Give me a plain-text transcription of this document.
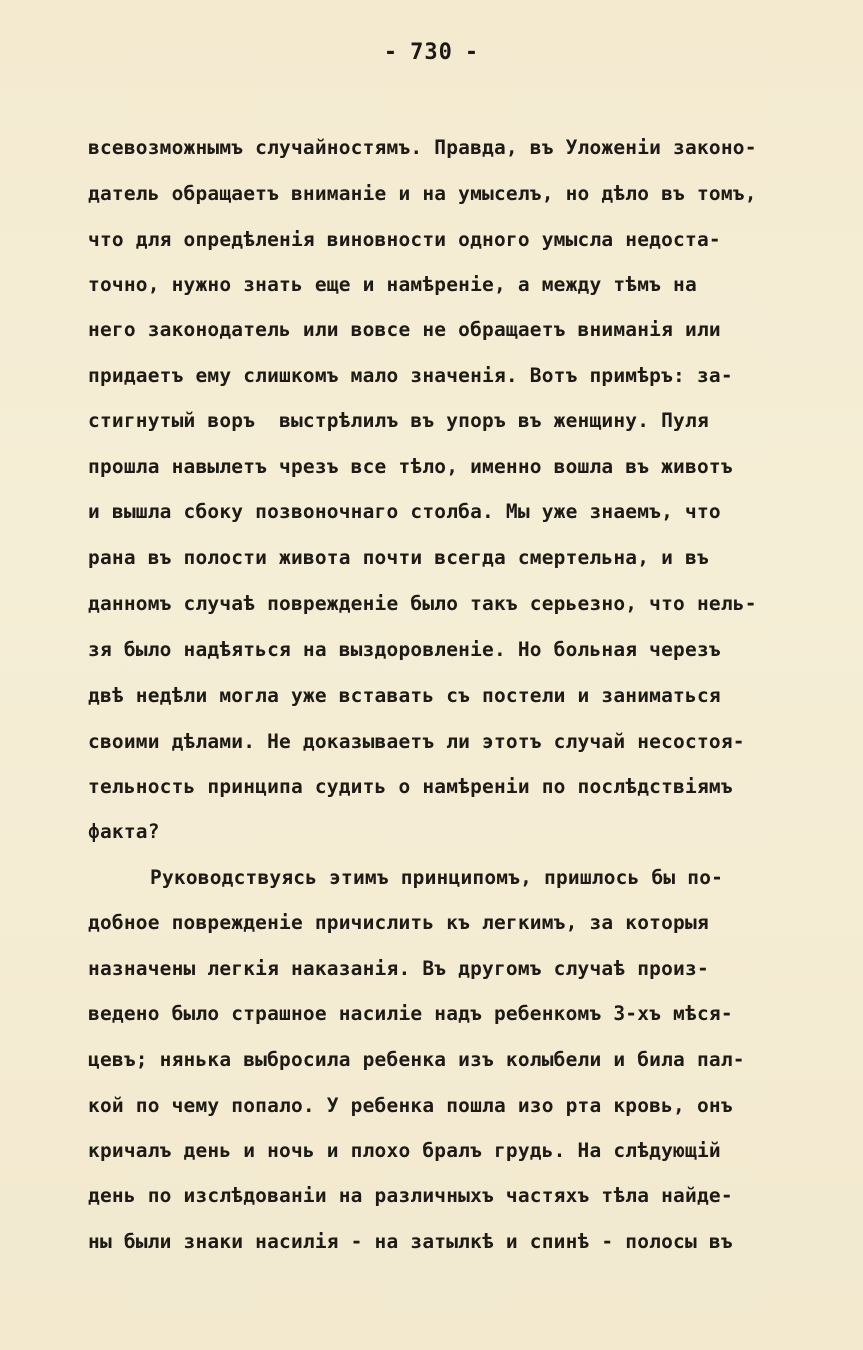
- 730 -
всевозможнымъ случайностямъ. Правда, въ Уложенiи законо-
датель обращаетъ вниманie и на умыселъ, но дѣло въ томъ,
что для опредѣленiя виновности одного умысла недоста-
точно, нужно знать еще и намѣренie, а между тѣмъ на
него законодатель или вовсе не обращаетъ вниманiя или
придаетъ ему слишкомъ мало значенiя. Вотъ примѣръ: за-
стигнутый воръ  выстрѣлилъ въ упоръ въ женщину. Пуля
прошла навылетъ чрезъ все тѣло, именно вошла въ животъ
и вышла сбоку позвоночнаго столба. Мы уже знаемъ, что
рана въ полости живота почти всегда смертельна, и въ
данномъ случаѣ поврежденie было такъ серьезно, что нель-
зя было надѣяться на выздоровленie. Но больная черезъ
двѣ недѣли могла уже вставать съ постели и заниматься
своими дѣлами. Не доказываетъ ли этотъ случай несостоя-
тельность принципа судить о намѣренiи по послѣдствiямъ
факта?
Руководствуясь этимъ принципомъ, пришлось бы по-
добное поврежденie причислить къ легкимъ, за которыя
назначены легкiя наказанiя. Въ другомъ случаѣ произ-
ведено было страшное насилie надъ ребенкомъ 3-хъ мѣся-
цевъ; нянька выбросила ребенка изъ колыбели и била пал-
кой по чему попало. У ребенка пошла изо рта кровь, онъ
кричалъ день и ночь и плохо бралъ грудь. На слѣдующiй
день по изслѣдованiи на различныхъ частяхъ тѣла найде-
ны были знаки насилiя - на затылкѣ и спинѣ - полосы въ
